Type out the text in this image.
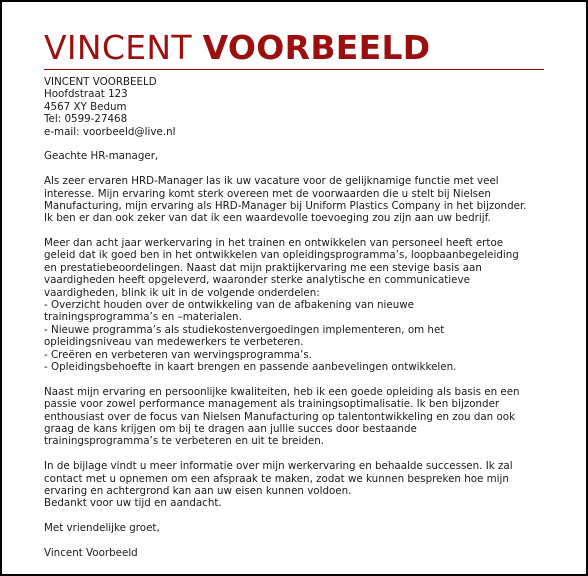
VINCENT VOORBEELD
VINCENT VOORBEELD
Hoofdstraat 123
4567 XY Bedum
Tel: 0599-27468
e-mail: voorbeeld@live.nl
Geachte HR-manager,
Als zeer ervaren HRD-Manager las ik uw vacature voor de gelijknamige functie met veel
interesse. Mijn ervaring komt sterk overeen met de voorwaarden die u stelt bij Nielsen
Manufacturing, mijn ervaring als HRD-Manager bij Uniform Plastics Company in het bijzonder.
Ik ben er dan ook zeker van dat ik een waardevolle toevoeging zou zijn aan uw bedrijf.
Meer dan acht jaar werkervaring in het trainen en ontwikkelen van personeel heeft ertoe
geleid dat ik goed ben in het ontwikkelen van opleidingsprogramma’s, loopbaanbegeleiding
en prestatiebeoordelingen. Naast dat mijn praktijkervaring me een stevige basis aan
vaardigheden heeft opgeleverd, waaronder sterke analytische en communicatieve
vaardigheden, blink ik uit in de volgende onderdelen:
- Overzicht houden over de ontwikkeling van de afbakening van nieuwe
trainingsprogramma’s en –materialen.
- Nieuwe programma’s als studiekostenvergoedingen implementeren, om het
opleidingsniveau van medewerkers te verbeteren.
- Creëren en verbeteren van wervingsprogramma’s.
- Opleidingsbehoefte in kaart brengen en passende aanbevelingen ontwikkelen.
Naast mijn ervaring en persoonlijke kwaliteiten, heb ik een goede opleiding als basis en een
passie voor zowel performance management als trainingsoptimalisatie. Ik ben bijzonder
enthousiast over de focus van Nielsen Manufacturing op talentontwikkeling en zou dan ook
graag de kans krijgen om bij te dragen aan jullie succes door bestaande
trainingsprogramma’s te verbeteren en uit te breiden.
In de bijlage vindt u meer informatie over mijn werkervaring en behaalde successen. Ik zal
contact met u opnemen om een afspraak te maken, zodat we kunnen bespreken hoe mijn
ervaring en achtergrond kan aan uw eisen kunnen voldoen.
Bedankt voor uw tijd en aandacht.
Met vriendelijke groet,
Vincent Voorbeeld
